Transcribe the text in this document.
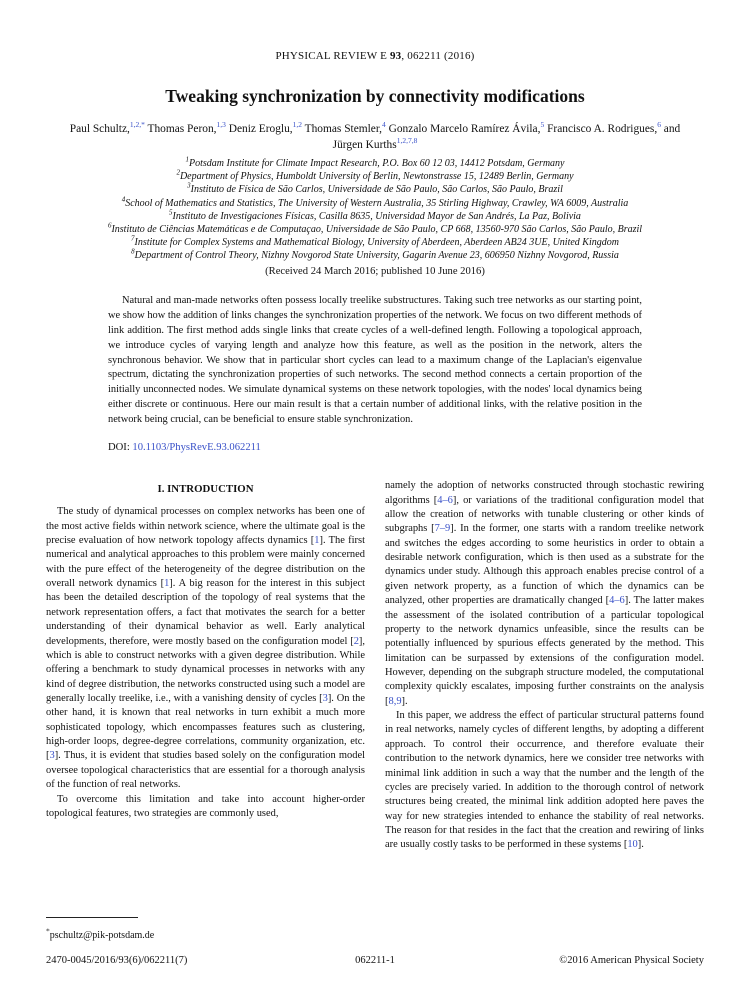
PHYSICAL REVIEW E 93, 062211 (2016)
Tweaking synchronization by connectivity modifications
Paul Schultz,$^{1,2,*}$ Thomas Peron,$^{1,3}$ Deniz Eroglu,$^{1,2}$ Thomas Stemler,$^4$ Gonzalo Marcelo Ramírez Ávila,$^5$ Francisco A. Rodrigues,$^6$ and Jürgen Kurths$^{1,2,7,8}$
$^1$Potsdam Institute for Climate Impact Research, P.O. Box 60 12 03, 14412 Potsdam, Germany
$^2$Department of Physics, Humboldt University of Berlin, Newtonstrasse 15, 12489 Berlin, Germany
$^3$Instituto de Física de São Carlos, Universidade de São Paulo, São Carlos, São Paulo, Brazil
$^4$School of Mathematics and Statistics, The University of Western Australia, 35 Stirling Highway, Crawley, WA 6009, Australia
$^5$Instituto de Investigaciones Físicas, Casilla 8635, Universidad Mayor de San Andrés, La Paz, Bolivia
$^6$Instituto de Ciências Matemáticas e de Computaçao, Universidade de São Paulo, CP 668, 13560-970 São Carlos, São Paulo, Brazil
$^7$Institute for Complex Systems and Mathematical Biology, University of Aberdeen, Aberdeen AB24 3UE, United Kingdom
$^8$Department of Control Theory, Nizhny Novgorod State University, Gagarin Avenue 23, 606950 Nizhny Novgorod, Russia
(Received 24 March 2016; published 10 June 2016)
Natural and man-made networks often possess locally treelike substructures. Taking such tree networks as our starting point, we show how the addition of links changes the synchronization properties of the network. We focus on two different methods of link addition. The first method adds single links that create cycles of a well-defined length. Following a topological approach, we introduce cycles of varying length and analyze how this feature, as well as the position in the network, alters the synchronous behavior. We show that in particular short cycles can lead to a maximum change of the Laplacian's eigenvalue spectrum, dictating the synchronization properties of such networks. The second method connects a certain proportion of the initially unconnected nodes. We simulate dynamical systems on these network topologies, with the nodes' local dynamics being either discrete or continuous. Here our main result is that a certain number of additional links, with the relative position in the network being crucial, can be beneficial to ensure stable synchronization.
DOI: 10.1103/PhysRevE.93.062211
I. INTRODUCTION

The study of dynamical processes on complex networks has been one of the most active fields within network science, where the ultimate goal is the precise evaluation of how network topology affects dynamics [1]. The first numerical and analytical approaches to this problem were mainly concerned with the pure effect of the heterogeneity of the degree distribution on the overall network dynamics [1]. A big reason for the interest in this subject has been the detailed description of the topology of real systems that the network representation offers, a fact that motivates the search for a better understanding of their dynamical behavior as well. Early analytical developments, therefore, were mostly based on the configuration model [2], which is able to construct networks with a given degree distribution. While offering a benchmark to study dynamical processes in networks with any kind of degree distribution, the networks constructed using such a model are generally locally treelike, i.e., with a vanishing density of cycles [3]. On the other hand, it is known that real networks in turn exhibit a much more sophisticated topology, which encompasses features such as clustering, high-order loops, degree-degree correlations, community organization, etc. [3]. Thus, it is evident that studies based solely on the configuration model oversee topological characteristics that are essential for a thorough analysis of the function of real networks.

To overcome this limitation and take into account higher-order topological features, two strategies are commonly used,

*pschultz@pik-potsdam.de

namely the adoption of networks constructed through stochastic rewiring algorithms [4–6], or variations of the traditional configuration model that allow the creation of networks with tunable clustering or other kinds of subgraphs [7–9]. In the former, one starts with a random treelike network and switches the edges according to some heuristics in order to obtain a desirable network configuration, which is then used as a substrate for the dynamics under study. Although this approach enables precise control of a given network property, as a function of which the dynamics can be analyzed, other properties are dramatically changed [4–6]. The latter makes the assessment of the isolated contribution of a particular topological property to the network dynamics unfeasible, since the results can be potentially influenced by spurious effects generated by the method. This limitation can be surpassed by extensions of the configuration model. However, depending on the subgraph structure modeled, the computational complexity quickly escalates, imposing further constraints on the analysis [8,9].

In this paper, we address the effect of particular structural patterns found in real networks, namely cycles of different lengths, by adopting a different approach. To control their occurrence, and therefore evaluate their contribution to the network dynamics, here we consider tree networks with minimal link addition in such a way that the number and the length of the cycles are precisely varied. In addition to the thorough control of network structures being created, the minimal link addition adopted here paves the way for new strategies intended to enhance the stability of real networks. The reason for that resides in the fact that the creation and rewiring of links are usually costly tasks to be performed in these systems [10].

2470-0045/2016/93(6)/062211(7)	062211-1	©2016 American Physical Society
